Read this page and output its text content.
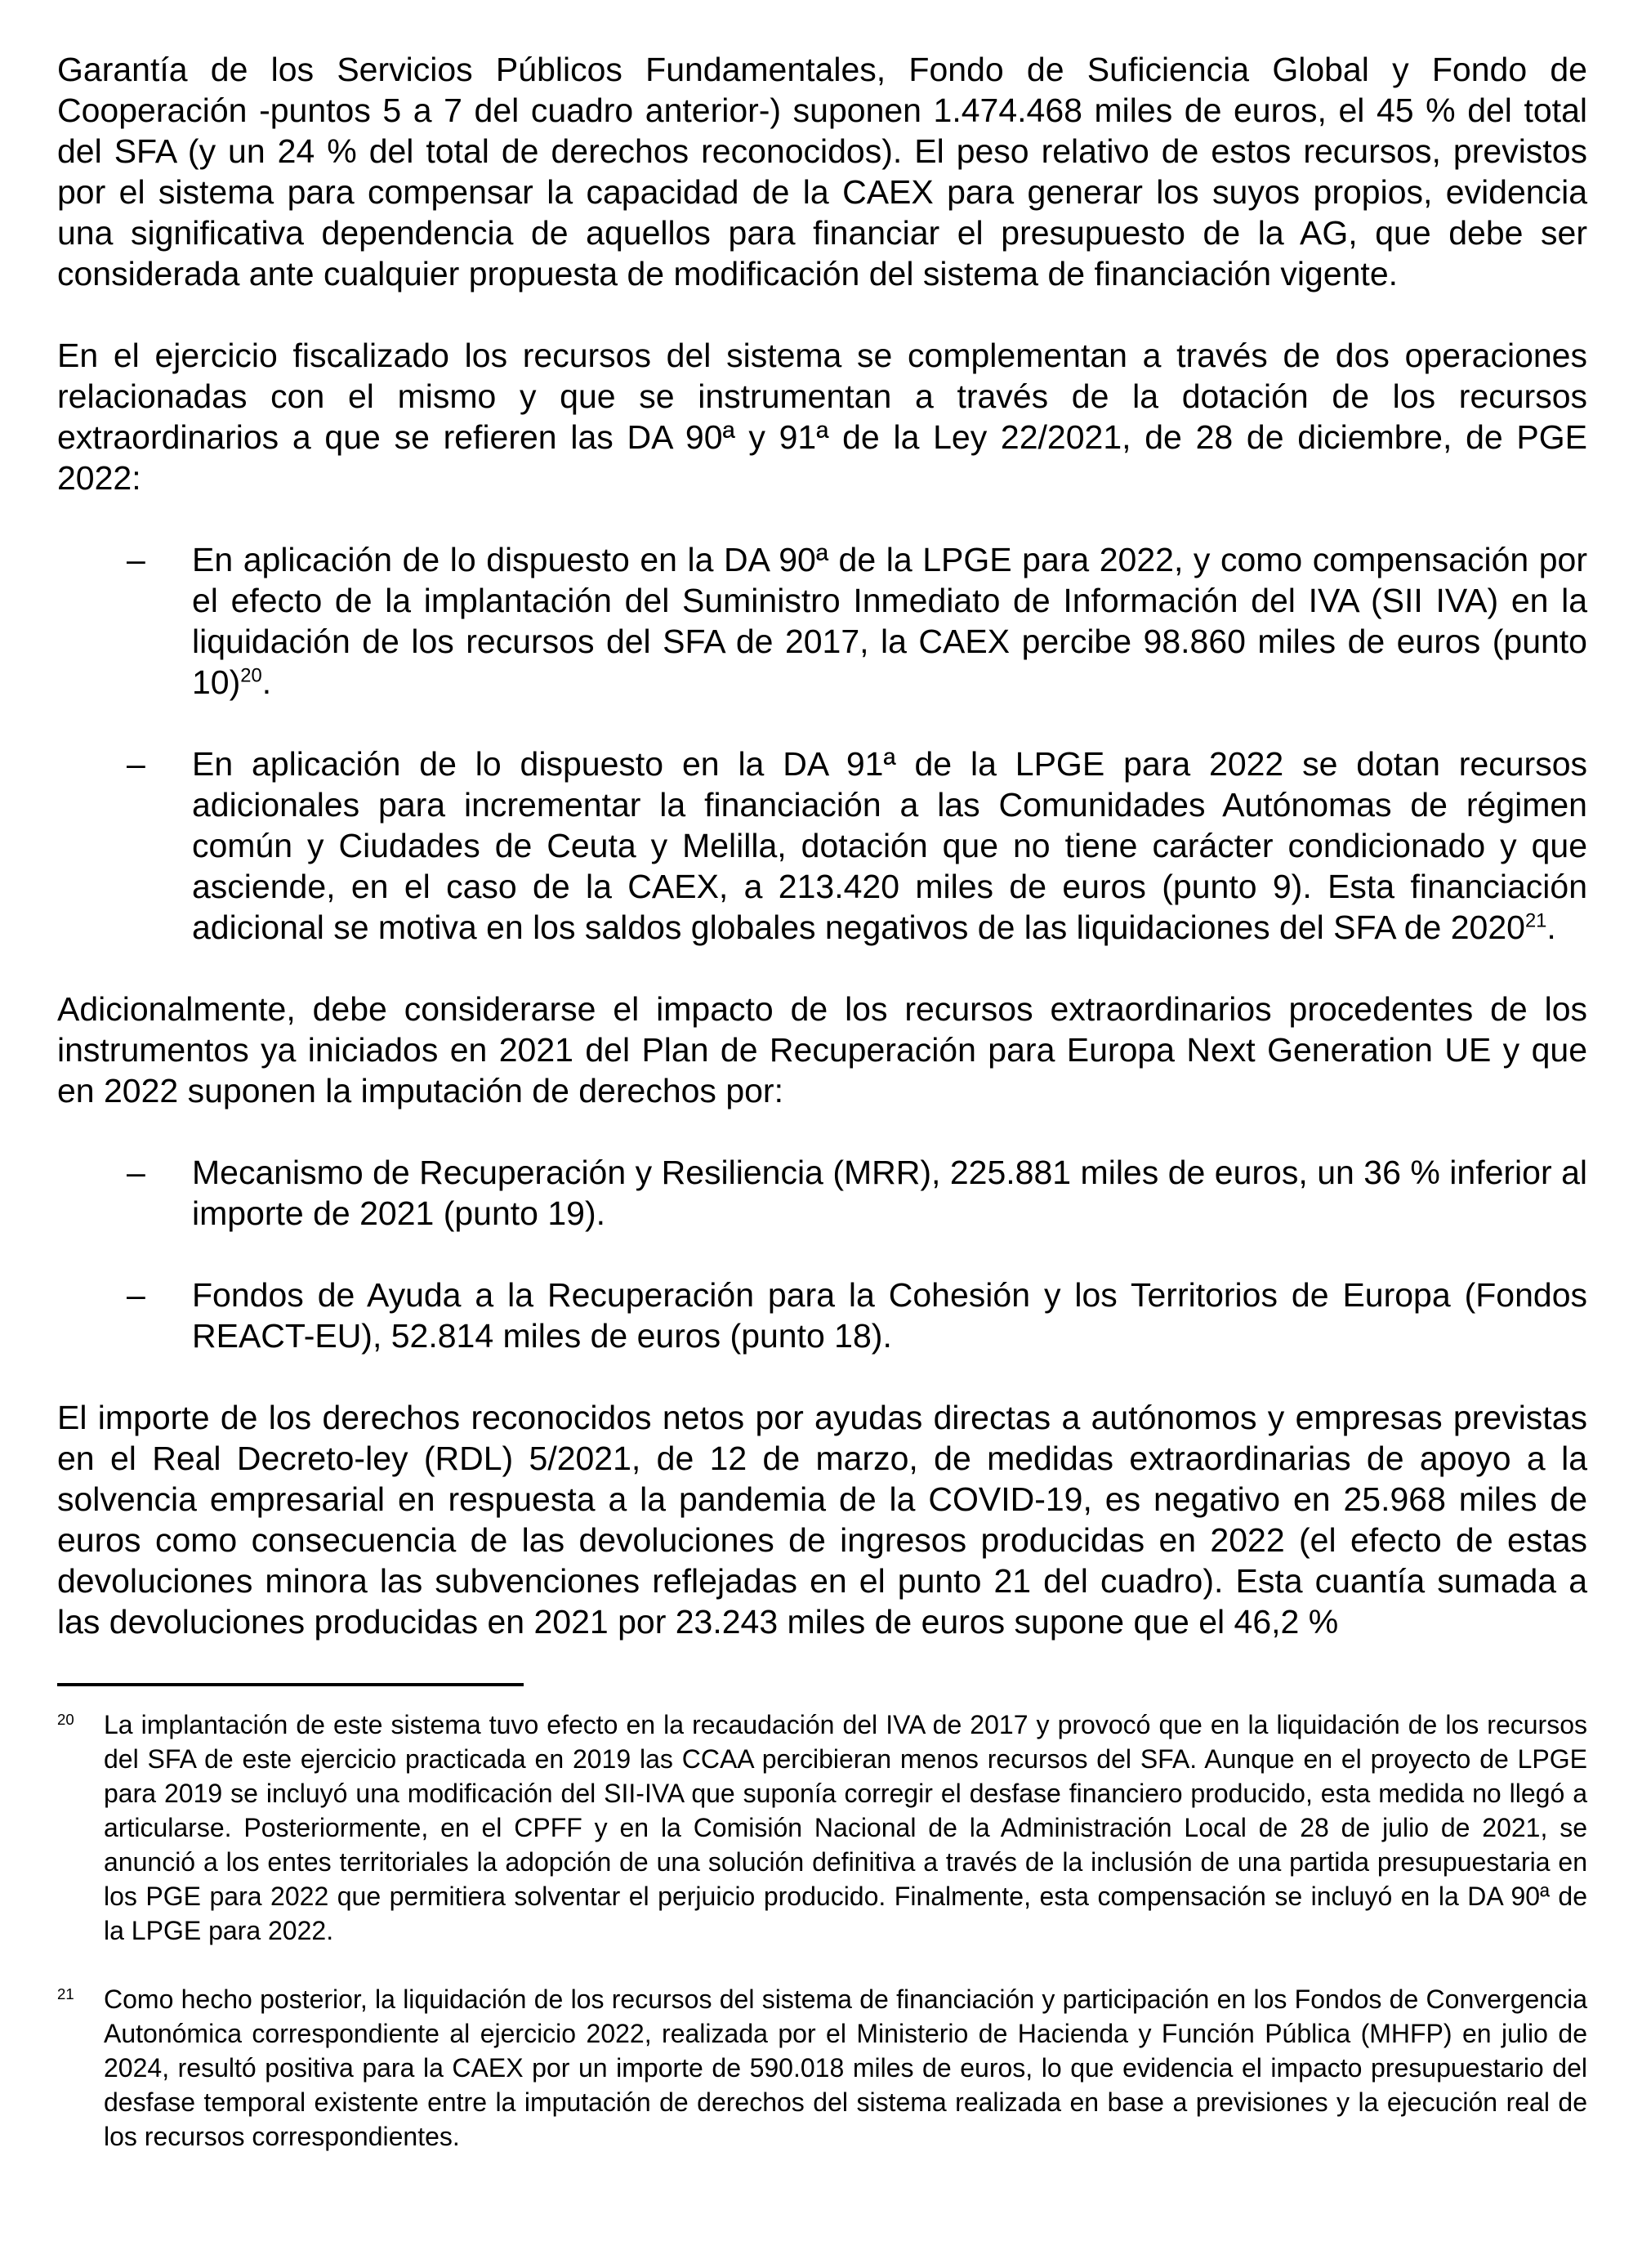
Garantía de los Servicios Públicos Fundamentales, Fondo de Suficiencia Global y Fondo de Cooperación -puntos 5 a 7 del cuadro anterior-) suponen 1.474.468 miles de euros, el 45 % del total del SFA (y un 24 % del total de derechos reconocidos). El peso relativo de estos recursos, previstos por el sistema para compensar la capacidad de la CAEX para generar los suyos propios, evidencia una significativa dependencia de aquellos para financiar el presupuesto de la AG, que debe ser considerada ante cualquier propuesta de modificación del sistema de financiación vigente.

En el ejercicio fiscalizado los recursos del sistema se complementan a través de dos operaciones relacionadas con el mismo y que se instrumentan a través de la dotación de los recursos extraordinarios a que se refieren las DA 90ª y 91ª de la Ley 22/2021, de 28 de diciembre, de PGE 2022:

– En aplicación de lo dispuesto en la DA 90ª de la LPGE para 2022, y como compensación por el efecto de la implantación del Suministro Inmediato de Información del IVA (SII IVA) en la liquidación de los recursos del SFA de 2017, la CAEX percibe 98.860 miles de euros (punto 10)$^{20}$.
– En aplicación de lo dispuesto en la DA 91ª de la LPGE para 2022 se dotan recursos adicionales para incrementar la financiación a las Comunidades Autónomas de régimen común y Ciudades de Ceuta y Melilla, dotación que no tiene carácter condicionado y que asciende, en el caso de la CAEX, a 213.420 miles de euros (punto 9). Esta financiación adicional se motiva en los saldos globales negativos de las liquidaciones del SFA de 2020$^{21}$.

Adicionalmente, debe considerarse el impacto de los recursos extraordinarios procedentes de los instrumentos ya iniciados en 2021 del Plan de Recuperación para Europa Next Generation UE y que en 2022 suponen la imputación de derechos por:

– Mecanismo de Recuperación y Resiliencia (MRR), 225.881 miles de euros, un 36 % inferior al importe de 2021 (punto 19).
– Fondos de Ayuda a la Recuperación para la Cohesión y los Territorios de Europa (Fondos REACT-EU), 52.814 miles de euros (punto 18).

El importe de los derechos reconocidos netos por ayudas directas a autónomos y empresas previstas en el Real Decreto-ley (RDL) 5/2021, de 12 de marzo, de medidas extraordinarias de apoyo a la solvencia empresarial en respuesta a la pandemia de la COVID-19, es negativo en 25.968 miles de euros como consecuencia de las devoluciones de ingresos producidas en 2022 (el efecto de estas devoluciones minora las subvenciones reflejadas en el punto 21 del cuadro). Esta cuantía sumada a las devoluciones producidas en 2021 por 23.243 miles de euros supone que el 46,2 %

20 La implantación de este sistema tuvo efecto en la recaudación del IVA de 2017 y provocó que en la liquidación de los recursos del SFA de este ejercicio practicada en 2019 las CCAA percibieran menos recursos del SFA. Aunque en el proyecto de LPGE para 2019 se incluyó una modificación del SII-IVA que suponía corregir el desfase financiero producido, esta medida no llegó a articularse. Posteriormente, en el CPFF y en la Comisión Nacional de la Administración Local de 28 de julio de 2021, se anunció a los entes territoriales la adopción de una solución definitiva a través de la inclusión de una partida presupuestaria en los PGE para 2022 que permitiera solventar el perjuicio producido. Finalmente, esta compensación se incluyó en la DA 90ª de la LPGE para 2022.
21 Como hecho posterior, la liquidación de los recursos del sistema de financiación y participación en los Fondos de Convergencia Autonómica correspondiente al ejercicio 2022, realizada por el Ministerio de Hacienda y Función Pública (MHFP) en julio de 2024, resultó positiva para la CAEX por un importe de 590.018 miles de euros, lo que evidencia el impacto presupuestario del desfase temporal existente entre la imputación de derechos del sistema realizada en base a previsiones y la ejecución real de los recursos correspondientes.
